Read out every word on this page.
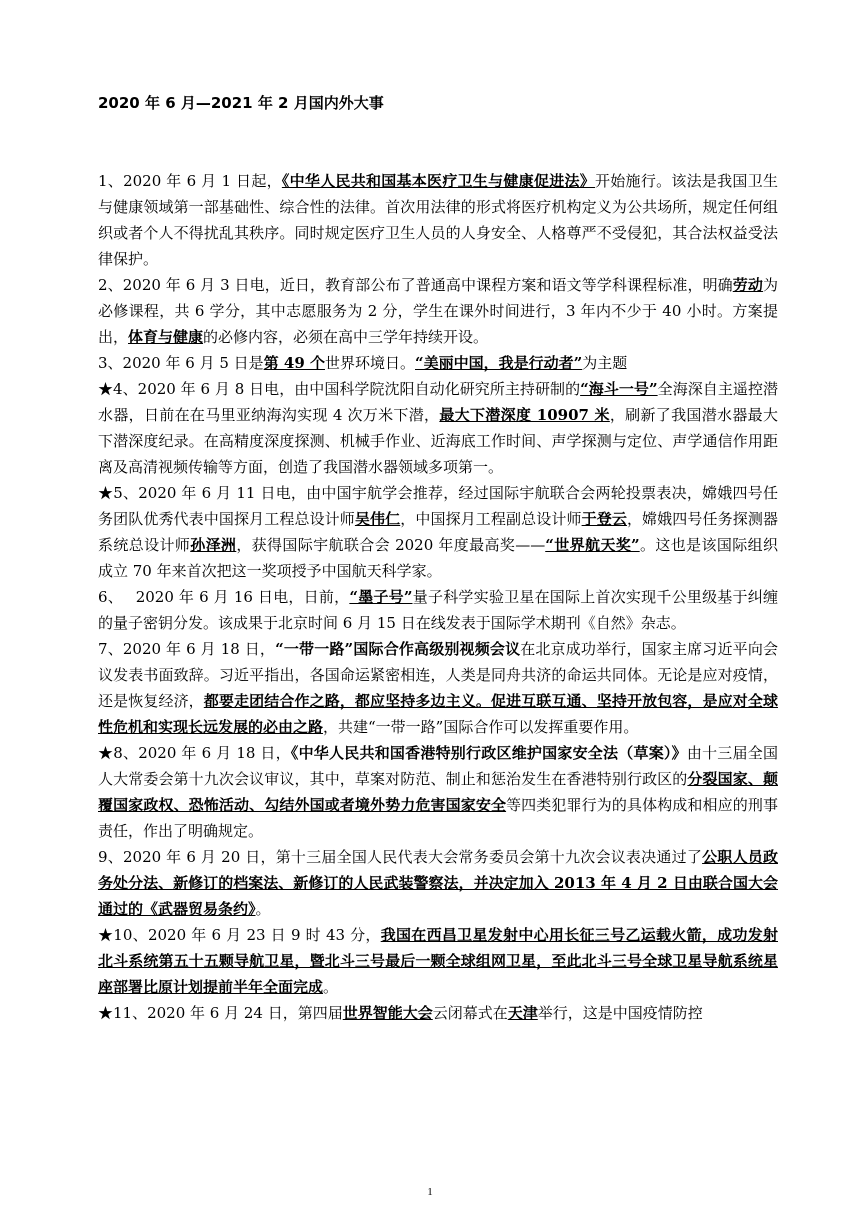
2020 年 6 月—2021 年 2 月国内外大事
1、2020 年 6 月 1 日起，《中华人民共和国基本医疗卫生与健康促进法》开始施行。该法是我国卫生与健康领域第一部基础性、综合性的法律。首次用法律的形式将医疗机构定义为公共场所，规定任何组织或者个人不得扰乱其秩序。同时规定医疗卫生人员的人身安全、人格尊严不受侵犯，其合法权益受法律保护。
2、2020 年 6 月 3 日电，近日，教育部公布了普通高中课程方案和语文等学科课程标准，明确劳动为必修课程，共 6 学分，其中志愿服务为 2 分，学生在课外时间进行，3 年内不少于 40 小时。方案提出，体育与健康的必修内容，必须在高中三学年持续开设。
3、2020 年 6 月 5 日是第 49 个世界环境日。“美丽中国，我是行动者”为主题
★4、2020 年 6 月 8 日电，由中国科学院沈阳自动化研究所主持研制的“海斗一号”全海深自主遥控潜水器，日前在在马里亚纳海沟实现 4 次万米下潜，最大下潜深度 10907 米，刷新了我国潜水器最大下潜深度纪录。在高精度深度探测、机械手作业、近海底工作时间、声学探测与定位、声学通信作用距离及高清视频传输等方面，创造了我国潜水器领域多项第一。
★5、2020 年 6 月 11 日电，由中国宇航学会推荐，经过国际宇航联合会两轮投票表决，嫦娥四号任务团队优秀代表中国探月工程总设计师吴伟仁，中国探月工程副总设计师于登云，嫦娥四号任务探测器系统总设计师孙泽洲，获得国际宇航联合会 2020 年度最高奖——“世界航天奖”。这也是该国际组织成立 70 年来首次把这一奖项授予中国航天科学家。
6、　 2020 年 6 月 16 日电，日前，“墨子号”量子科学实验卫星在国际上首次实现千公里级基于纠缠的量子密钥分发。该成果于北京时间 6 月 15 日在线发表于国际学术期刊《自然》杂志。
7、2020 年 6 月 18 日，“一带一路”国际合作高级别视频会议在北京成功举行，国家主席习近平向会议发表书面致辞。习近平指出，各国命运紧密相连，人类是同舟共济的命运共同体。无论是应对疫情，还是恢复经济，都要走团结合作之路，都应坚持多边主义。促进互联互通、坚持开放包容，是应对全球性危机和实现长远发展的必由之路，共建“一带一路”国际合作可以发挥重要作用。
★8、2020 年 6 月 18 日，《中华人民共和国香港特别行政区维护国家安全法（草案）》由十三届全国人大常委会第十九次会议审议，其中，草案对防范、制止和惩治发生在香港特别行政区的分裂国家、颠覆国家政权、恐怖活动、勾结外国或者境外势力危害国家安全等四类犯罪行为的具体构成和相应的刑事责任，作出了明确规定。
9、2020 年 6 月 20 日，第十三届全国人民代表大会常务委员会第十九次会议表决通过了公职人员政务处分法、新修订的档案法、新修订的人民武装警察法，并决定加入 2013 年 4 月 2 日由联合国大会通过的《武器贸易条约》。
★10、2020 年 6 月 23 日 9 时 43 分，我国在西昌卫星发射中心用长征三号乙运载火箭，成功发射北斗系统第五十五颗导航卫星，暨北斗三号最后一颗全球组网卫星，至此北斗三号全球卫星导航系统星座部署比原计划提前半年全面完成。
★11、2020 年 6 月 24 日，第四届世界智能大会云闭幕式在天津举行，这是中国疫情防控
1
